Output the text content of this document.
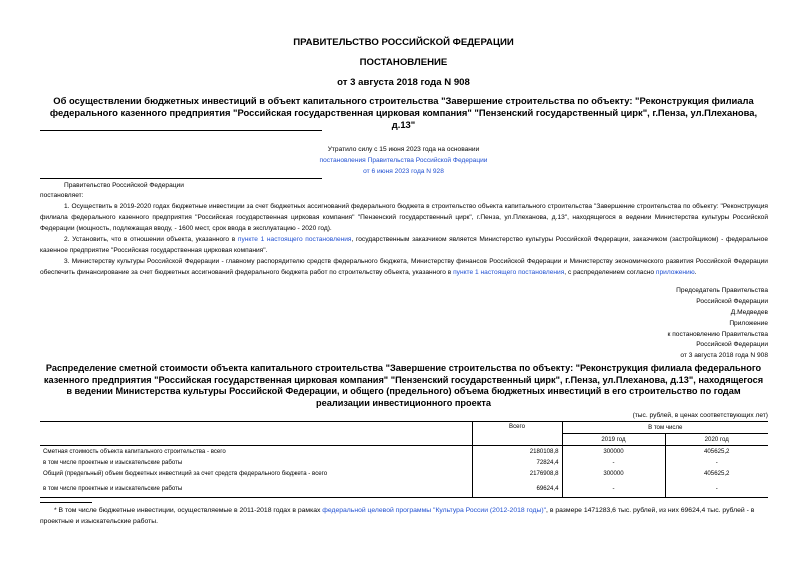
ПРАВИТЕЛЬСТВО РОССИЙСКОЙ ФЕДЕРАЦИИ
ПОСТАНОВЛЕНИЕ
от 3 августа 2018 года N 908
Об осуществлении бюджетных инвестиций в объект капитального строительства "Завершение строительства по объекту: "Реконструкция филиала федерального казенного предприятия "Российская государственная цирковая компания" "Пензенский государственный цирк", г.Пенза, ул.Плеханова, д.13"
Утратило силу с 15 июня 2023 года на основании
постановления Правительства Российской Федерации
от 6 июня 2023 года N 928
Правительство Российской Федерации
постановляет:
1. Осуществить в 2019-2020 годах бюджетные инвестиции за счет бюджетных ассигнований федерального бюджета в строительство объекта капитального строительства "Завершение строительства по объекту: "Реконструкция филиала федерального казенного предприятия "Российская государственная цирковая компания" "Пензенский государственный цирк", г.Пенза, ул.Плеханова, д.13", находящегося в ведении Министерства культуры Российской Федерации (мощность, подлежащая вводу, - 1600 мест, срок ввода в эксплуатацию - 2020 год).
2. Установить, что в отношении объекта, указанного в пункте 1 настоящего постановления, государственным заказчиком является Министерство культуры Российской Федерации, заказчиком (застройщиком) - федеральное казенное предприятие "Российская государственная цирковая компания".
3. Министерству культуры Российской Федерации - главному распорядителю средств федерального бюджета, Министерству финансов Российской Федерации и Министерству экономического развития Российской Федерации обеспечить финансирование за счет бюджетных ассигнований федерального бюджета работ по строительству объекта, указанного в пункте 1 настоящего постановления, с распределением согласно приложению.
Председатель Правительства
Российской Федерации
Д.Медведев
Приложение
к постановлению Правительства
Российской Федерации
от 3 августа 2018 года N 908
Распределение сметной стоимости объекта капитального строительства "Завершение строительства по объекту: "Реконструкция филиала федерального казенного предприятия "Российская государственная цирковая компания" "Пензенский государственный цирк", г.Пенза, ул.Плеханова, д.13", находящегося в ведении Министерства культуры Российской Федерации, и общего (предельного) объема бюджетных инвестиций в его строительство по годам реализации инвестиционного проекта
(тыс. рублей, в ценах соответствующих лет)
	Всего	В том числе	
		2019 год	2020 год
Сметная стоимость объекта капитального строительства - всего	2180108,8	300000	405625,2
в том числе проектные и изыскательские работы	72824,4	-	-
Общий (предельный) объем бюджетных инвестиций за счет средств федерального бюджета - всего	2176908,8	300000	405625,2
в том числе проектные и изыскательские работы	69624,4	-	-
* В том числе бюджетные инвестиции, осуществляемые в 2011-2018 годах в рамках федеральной целевой программы "Культура России (2012-2018 годы)", в размере 1471283,6 тыс. рублей, из них 69624,4 тыс. рублей - в проектные и изыскательские работы.
